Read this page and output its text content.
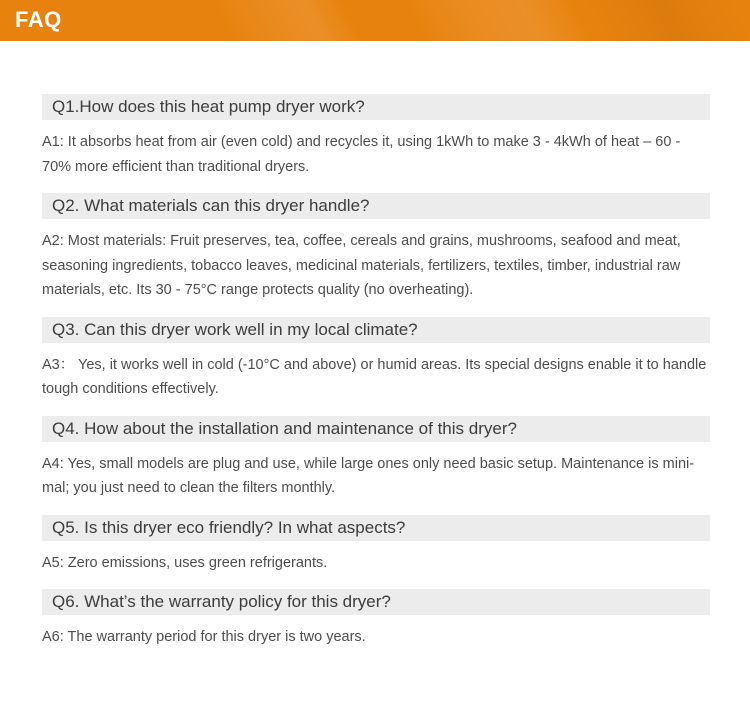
FAQ
Q1.How does this heat pump dryer work?

A1: It absorbs heat from air (even cold) and recycles it, using 1kWh to make 3 - 4kWh of heat – 60 - 70% more efficient than traditional dryers.

Q2. What materials can this dryer handle?

A2: Most materials: Fruit preserves, tea, coffee, cereals and grains, mushrooms, seafood and meat, seasoning ingredients, tobacco leaves, medicinal materials, fertilizers, textiles, timber, industrial raw materials, etc. Its 30 - 75°C range protects quality (no overheating).

Q3. Can this dryer work well in my local climate?

A3： Yes, it works well in cold (-10°C and above) or humid areas. Its special designs enable it to handle tough conditions effectively.

Q4. How about the installation and maintenance of this dryer?

A4: Yes, small models are plug and use, while large ones only need basic setup. Maintenance is minimal; you just need to clean the filters monthly.

Q5. Is this dryer eco friendly? In what aspects?

A5: Zero emissions, uses green refrigerants.

Q6. What’s the warranty policy for this dryer?

A6: The warranty period for this dryer is two years.
